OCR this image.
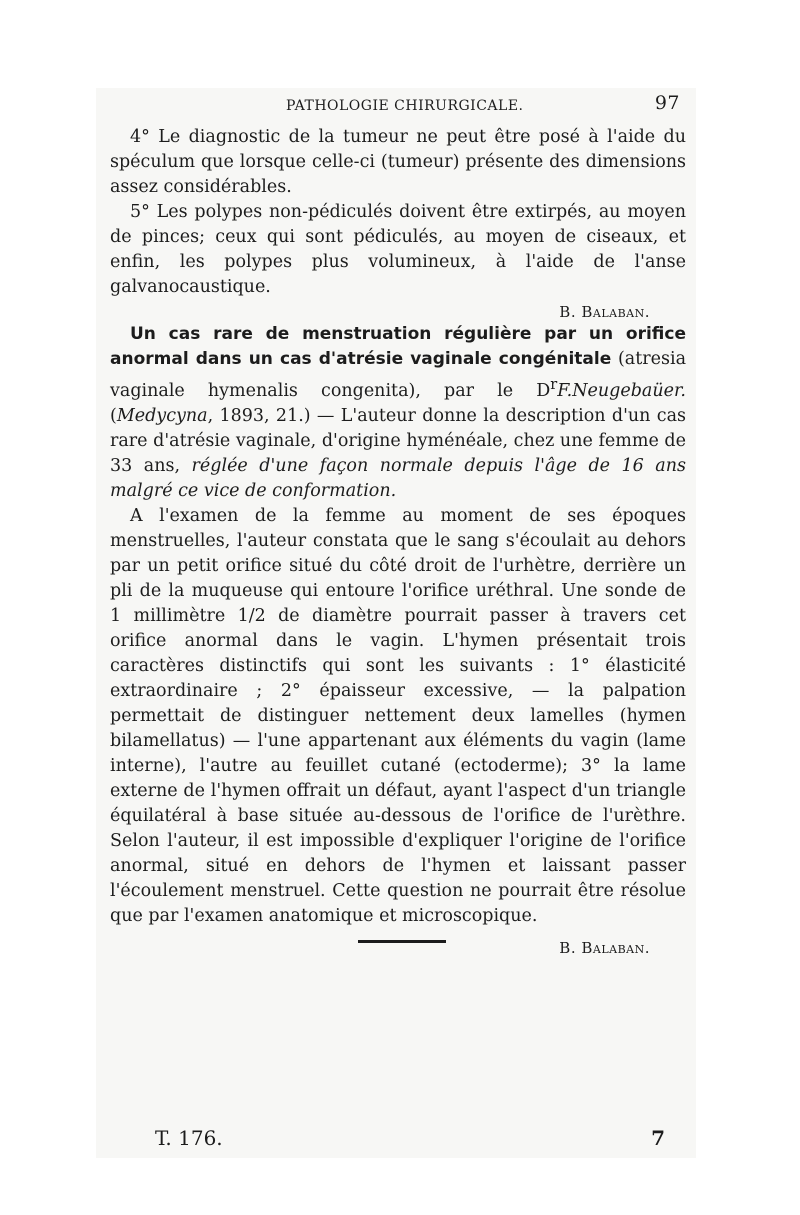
PATHOLOGIE CHIRURGICALE.	97

4° Le diagnostic de la tumeur ne peut être posé à l'aide du spéculum que lorsque celle-ci (tumeur) présente des dimensions assez considérables.

5° Les polypes non-pédiculés doivent être extirpés, au moyen de pinces; ceux qui sont pédiculés, au moyen de ciseaux, et enfin, les polypes plus volumineux, à l'aide de l'anse galvanocaustique.

B. Balaban.

Un cas rare de menstruation régulière par un orifice anormal dans un cas d'atrésie vaginale congénitale (atresia vaginale hymenalis congenita), par le $D^rF.Neugebaüer$. (Medycyna, 1893, 21.) — L'auteur donne la description d'un cas rare d'atrésie vaginale, d'origine hyménéale, chez une femme de 33 ans, réglée d'une façon normale depuis l'âge de 16 ans malgré ce vice de conformation.

A l'examen de la femme au moment de ses époques menstruelles, l'auteur constata que le sang s'écoulait au dehors par un petit orifice situé du côté droit de l'urhètre, derrière un pli de la muqueuse qui entoure l'orifice uréthral. Une sonde de 1 millimètre 1/2 de diamètre pourrait passer à travers cet orifice anormal dans le vagin. L'hymen présentait trois caractères distinctifs qui sont les suivants : 1° élasticité extraordinaire ; 2° épaisseur excessive, — la palpation permettait de distinguer nettement deux lamelles (hymen bilamellatus) — l'une appartenant aux éléments du vagin (lame interne), l'autre au feuillet cutané (ectoderme); 3° la lame externe de l'hymen offrait un défaut, ayant l'aspect d'un triangle équilatéral à base située au-dessous de l'orifice de l'urèthre. Selon l'auteur, il est impossible d'expliquer l'origine de l'orifice anormal, situé en dehors de l'hymen et laissant passer l'écoulement menstruel. Cette question ne pourrait être résolue que par l'examen anatomique et microscopique.

B. Balaban.

T. 176.	7
